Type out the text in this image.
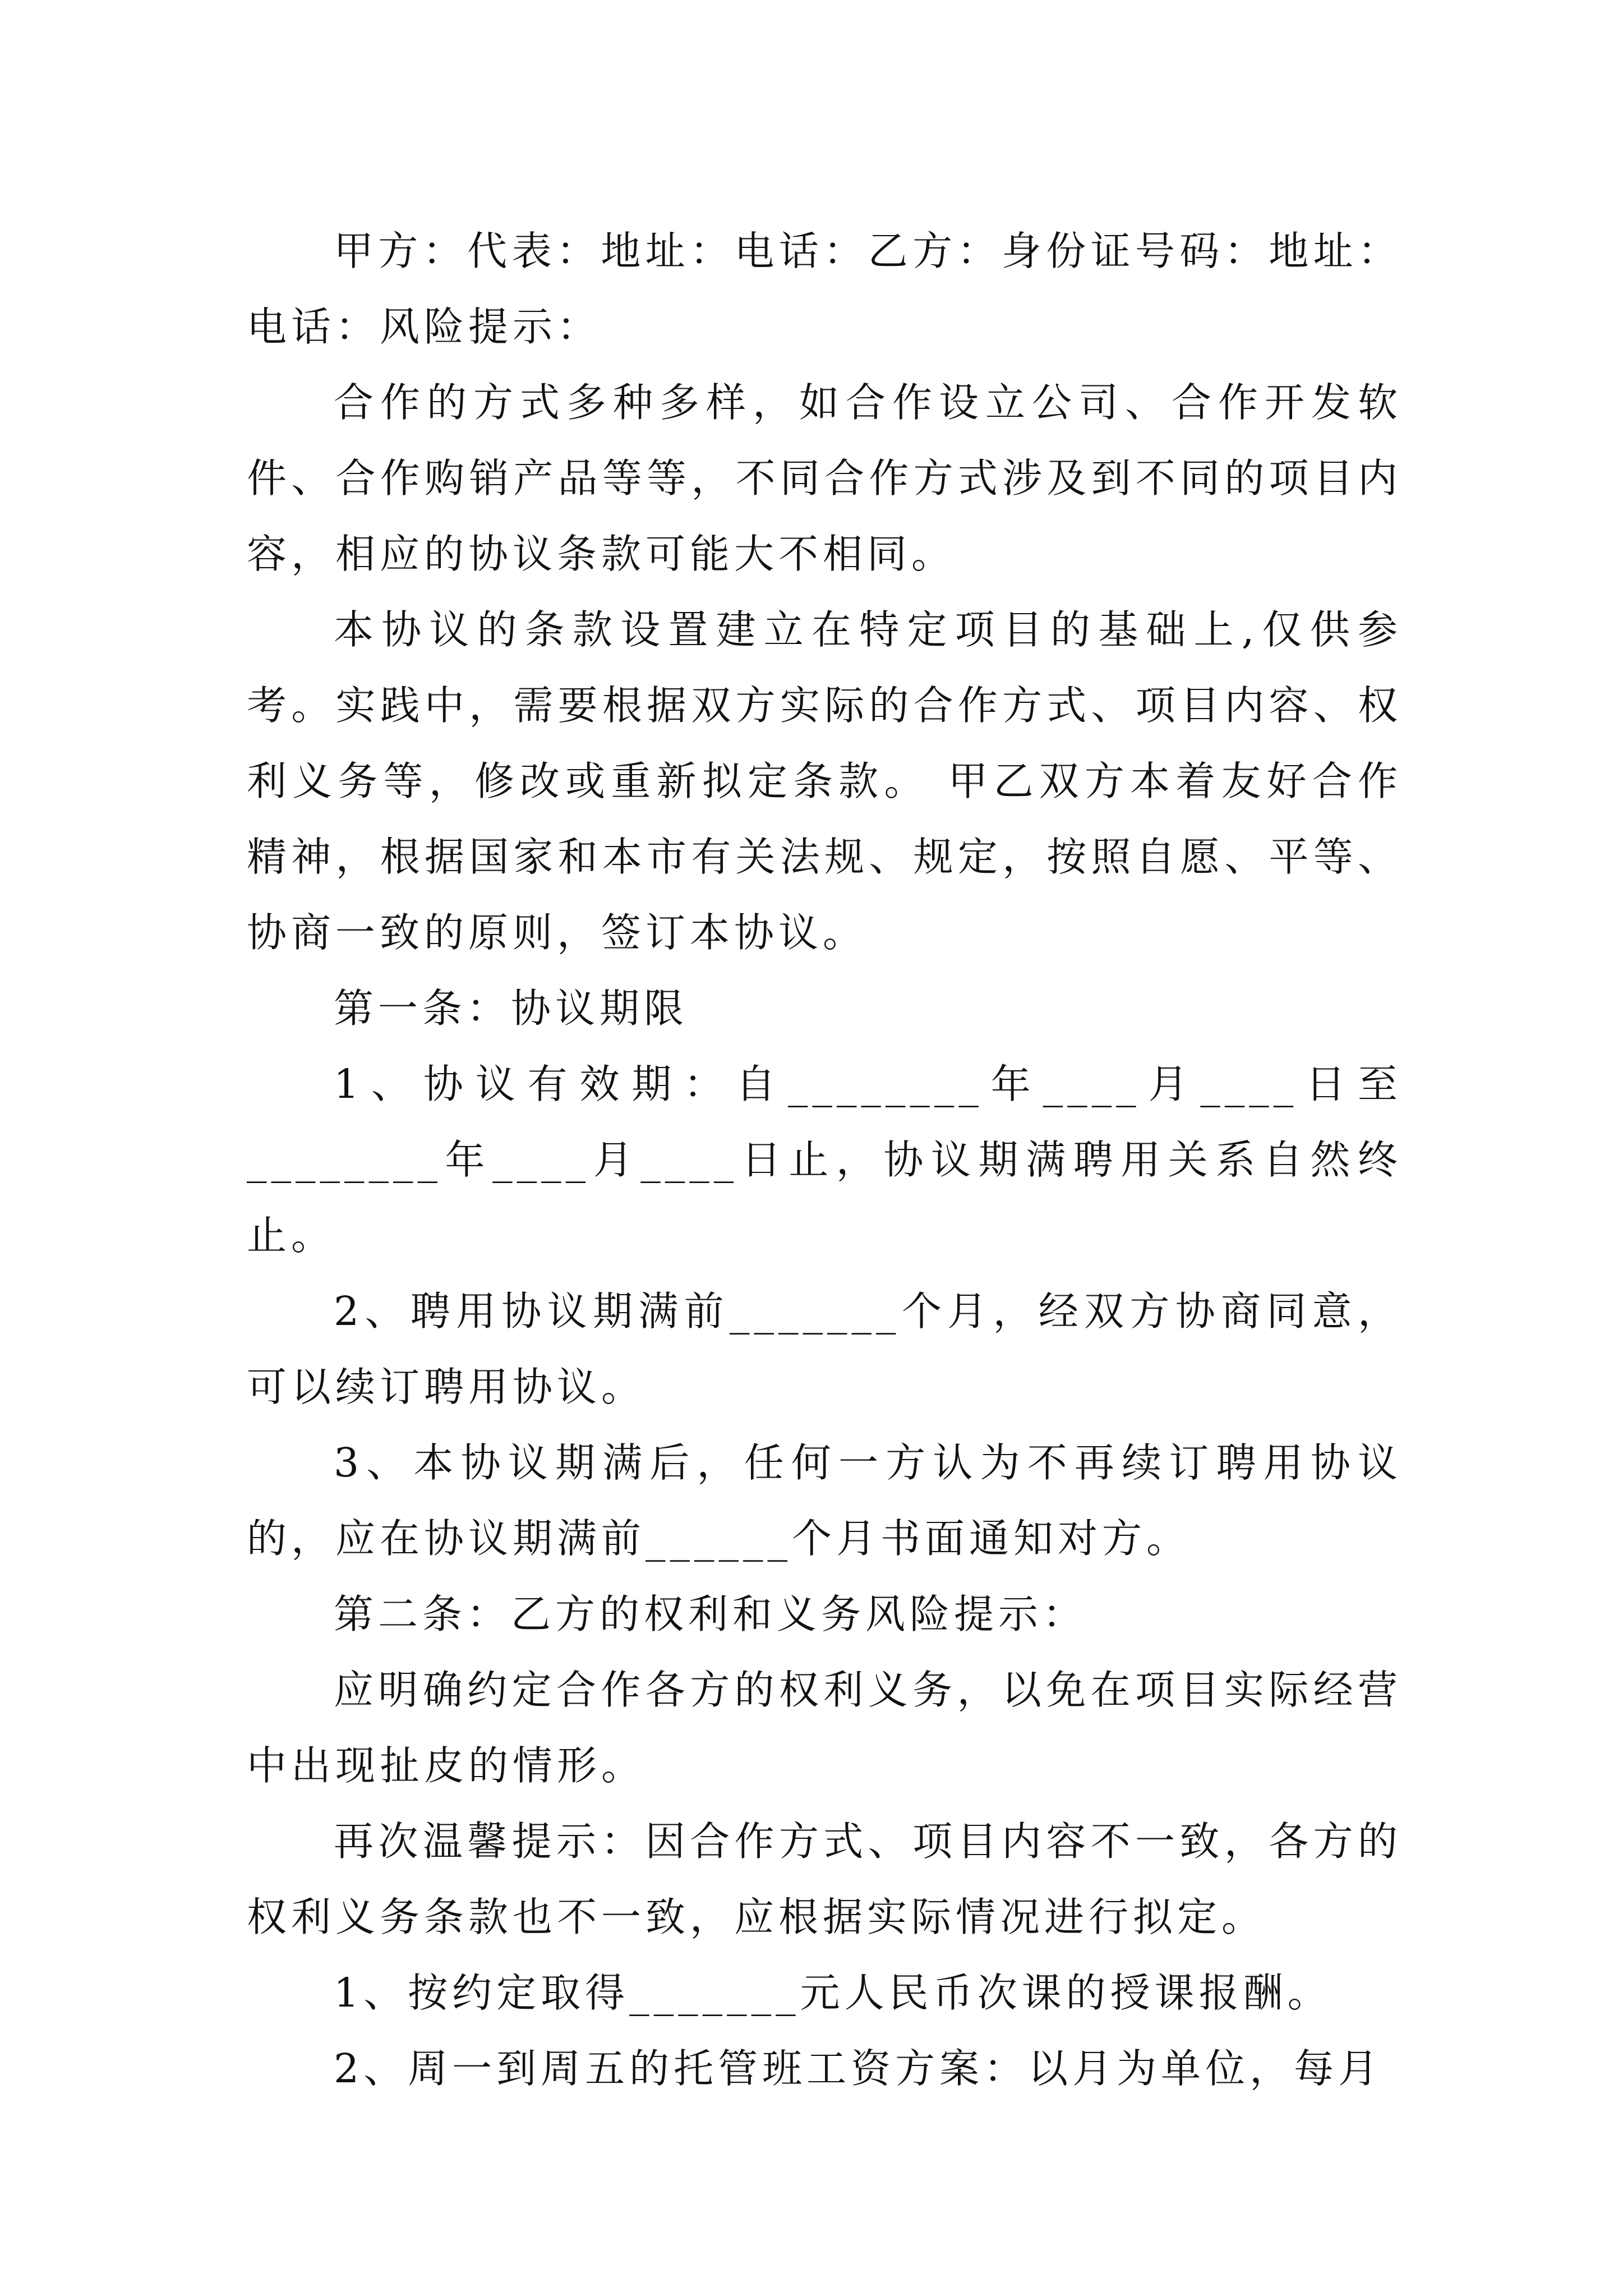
甲方：代表：地址：电话：乙方：身份证号码：地址：电话：风险提示：

合作的方式多种多样，如合作设立公司、合作开发软件、合作购销产品等等，不同合作方式涉及到不同的项目内容，相应的协议条款可能大不相同。

本协议的条款设置建立在特定项目的基础上,仅供参考。实践中，需要根据双方实际的合作方式、项目内容、权利义务等，修改或重新拟定条款。 甲乙双方本着友好合作精神，根据国家和本市有关法规、规定，按照自愿、平等、协商一致的原则，签订本协议。

第一条：协议期限

1、协议有效期：自________年____月____日至________年____月____日止，协议期满聘用关系自然终止。

2、聘用协议期满前_______个月，经双方协商同意，可以续订聘用协议。

3、本协议期满后，任何一方认为不再续订聘用协议的，应在协议期满前______个月书面通知对方。

第二条：乙方的权利和义务风险提示：

应明确约定合作各方的权利义务，以免在项目实际经营中出现扯皮的情形。

再次温馨提示：因合作方式、项目内容不一致，各方的权利义务条款也不一致，应根据实际情况进行拟定。

1、按约定取得_______元人民币次课的授课报酬。

2、周一到周五的托管班工资方案：以月为单位，每月
